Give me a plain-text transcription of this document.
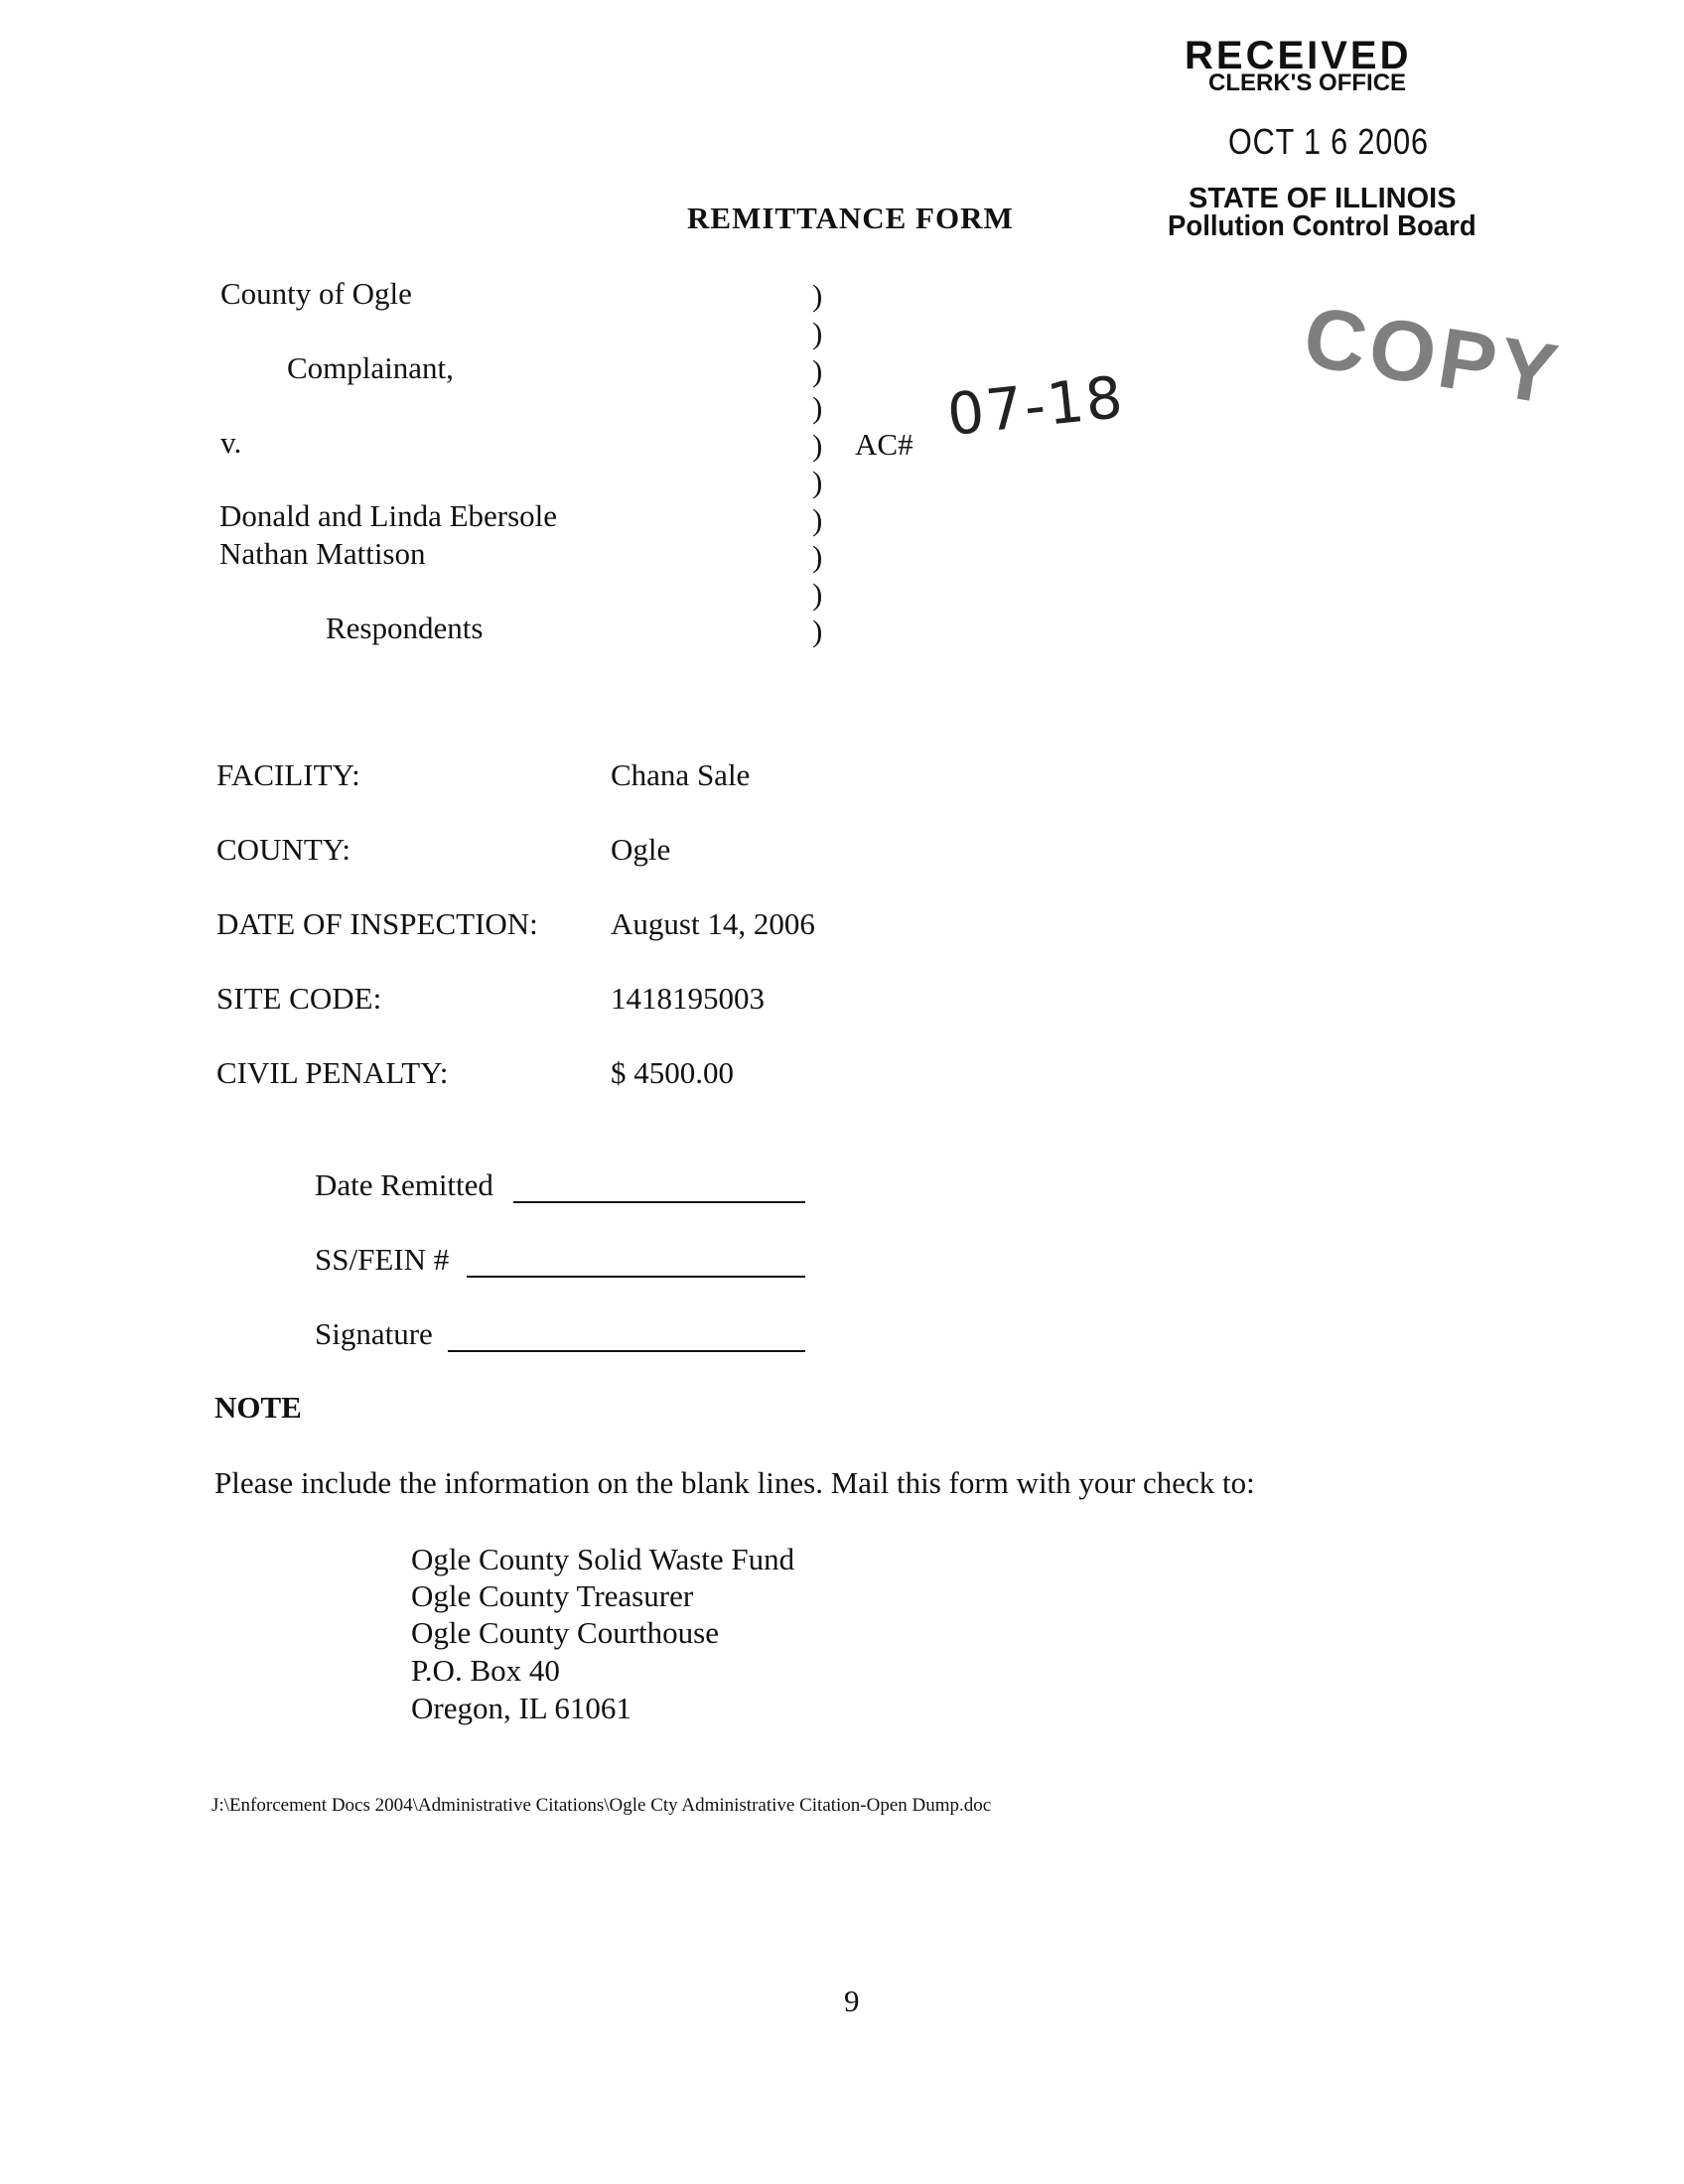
RECEIVED
CLERK'S OFFICE
OCT 1 6 2006
STATE OF ILLINOIS
Pollution Control Board
COPY
REMITTANCE FORM
County of Ogle
Complainant,
v.
Donald and Linda Ebersole
Nathan Mattison
Respondents
)
)
)
)
)
)
)
)
)
)
AC# 07-18
FACILITY:	Chana Sale
COUNTY:	Ogle
DATE OF INSPECTION: August 14, 2006
SITE CODE:	1418195003
CIVIL PENALTY:	$ 4500.00
Date Remitted
SS/FEIN #
Signature
NOTE
Please include the information on the blank lines. Mail this form with your check to:
Ogle County Solid Waste Fund
Ogle County Treasurer
Ogle County Courthouse
P.O. Box 40
Oregon, IL 61061
J:\Enforcement Docs 2004\Administrative Citations\Ogle Cty Administrative Citation-Open Dump.doc
9
